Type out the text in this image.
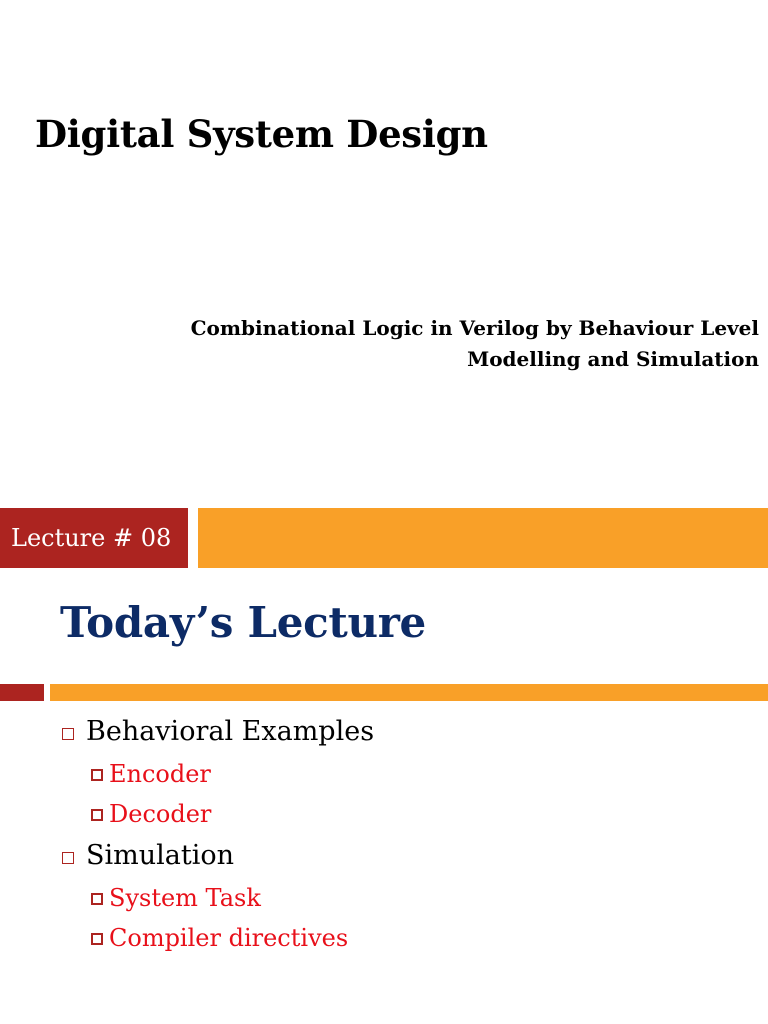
Digital System Design
Combinational Logic in Verilog by Behaviour Level
Modelling and Simulation
Lecture # 08
Today’s Lecture
Behavioral Examples
Encoder
Decoder
Simulation
System Task
Compiler directives
